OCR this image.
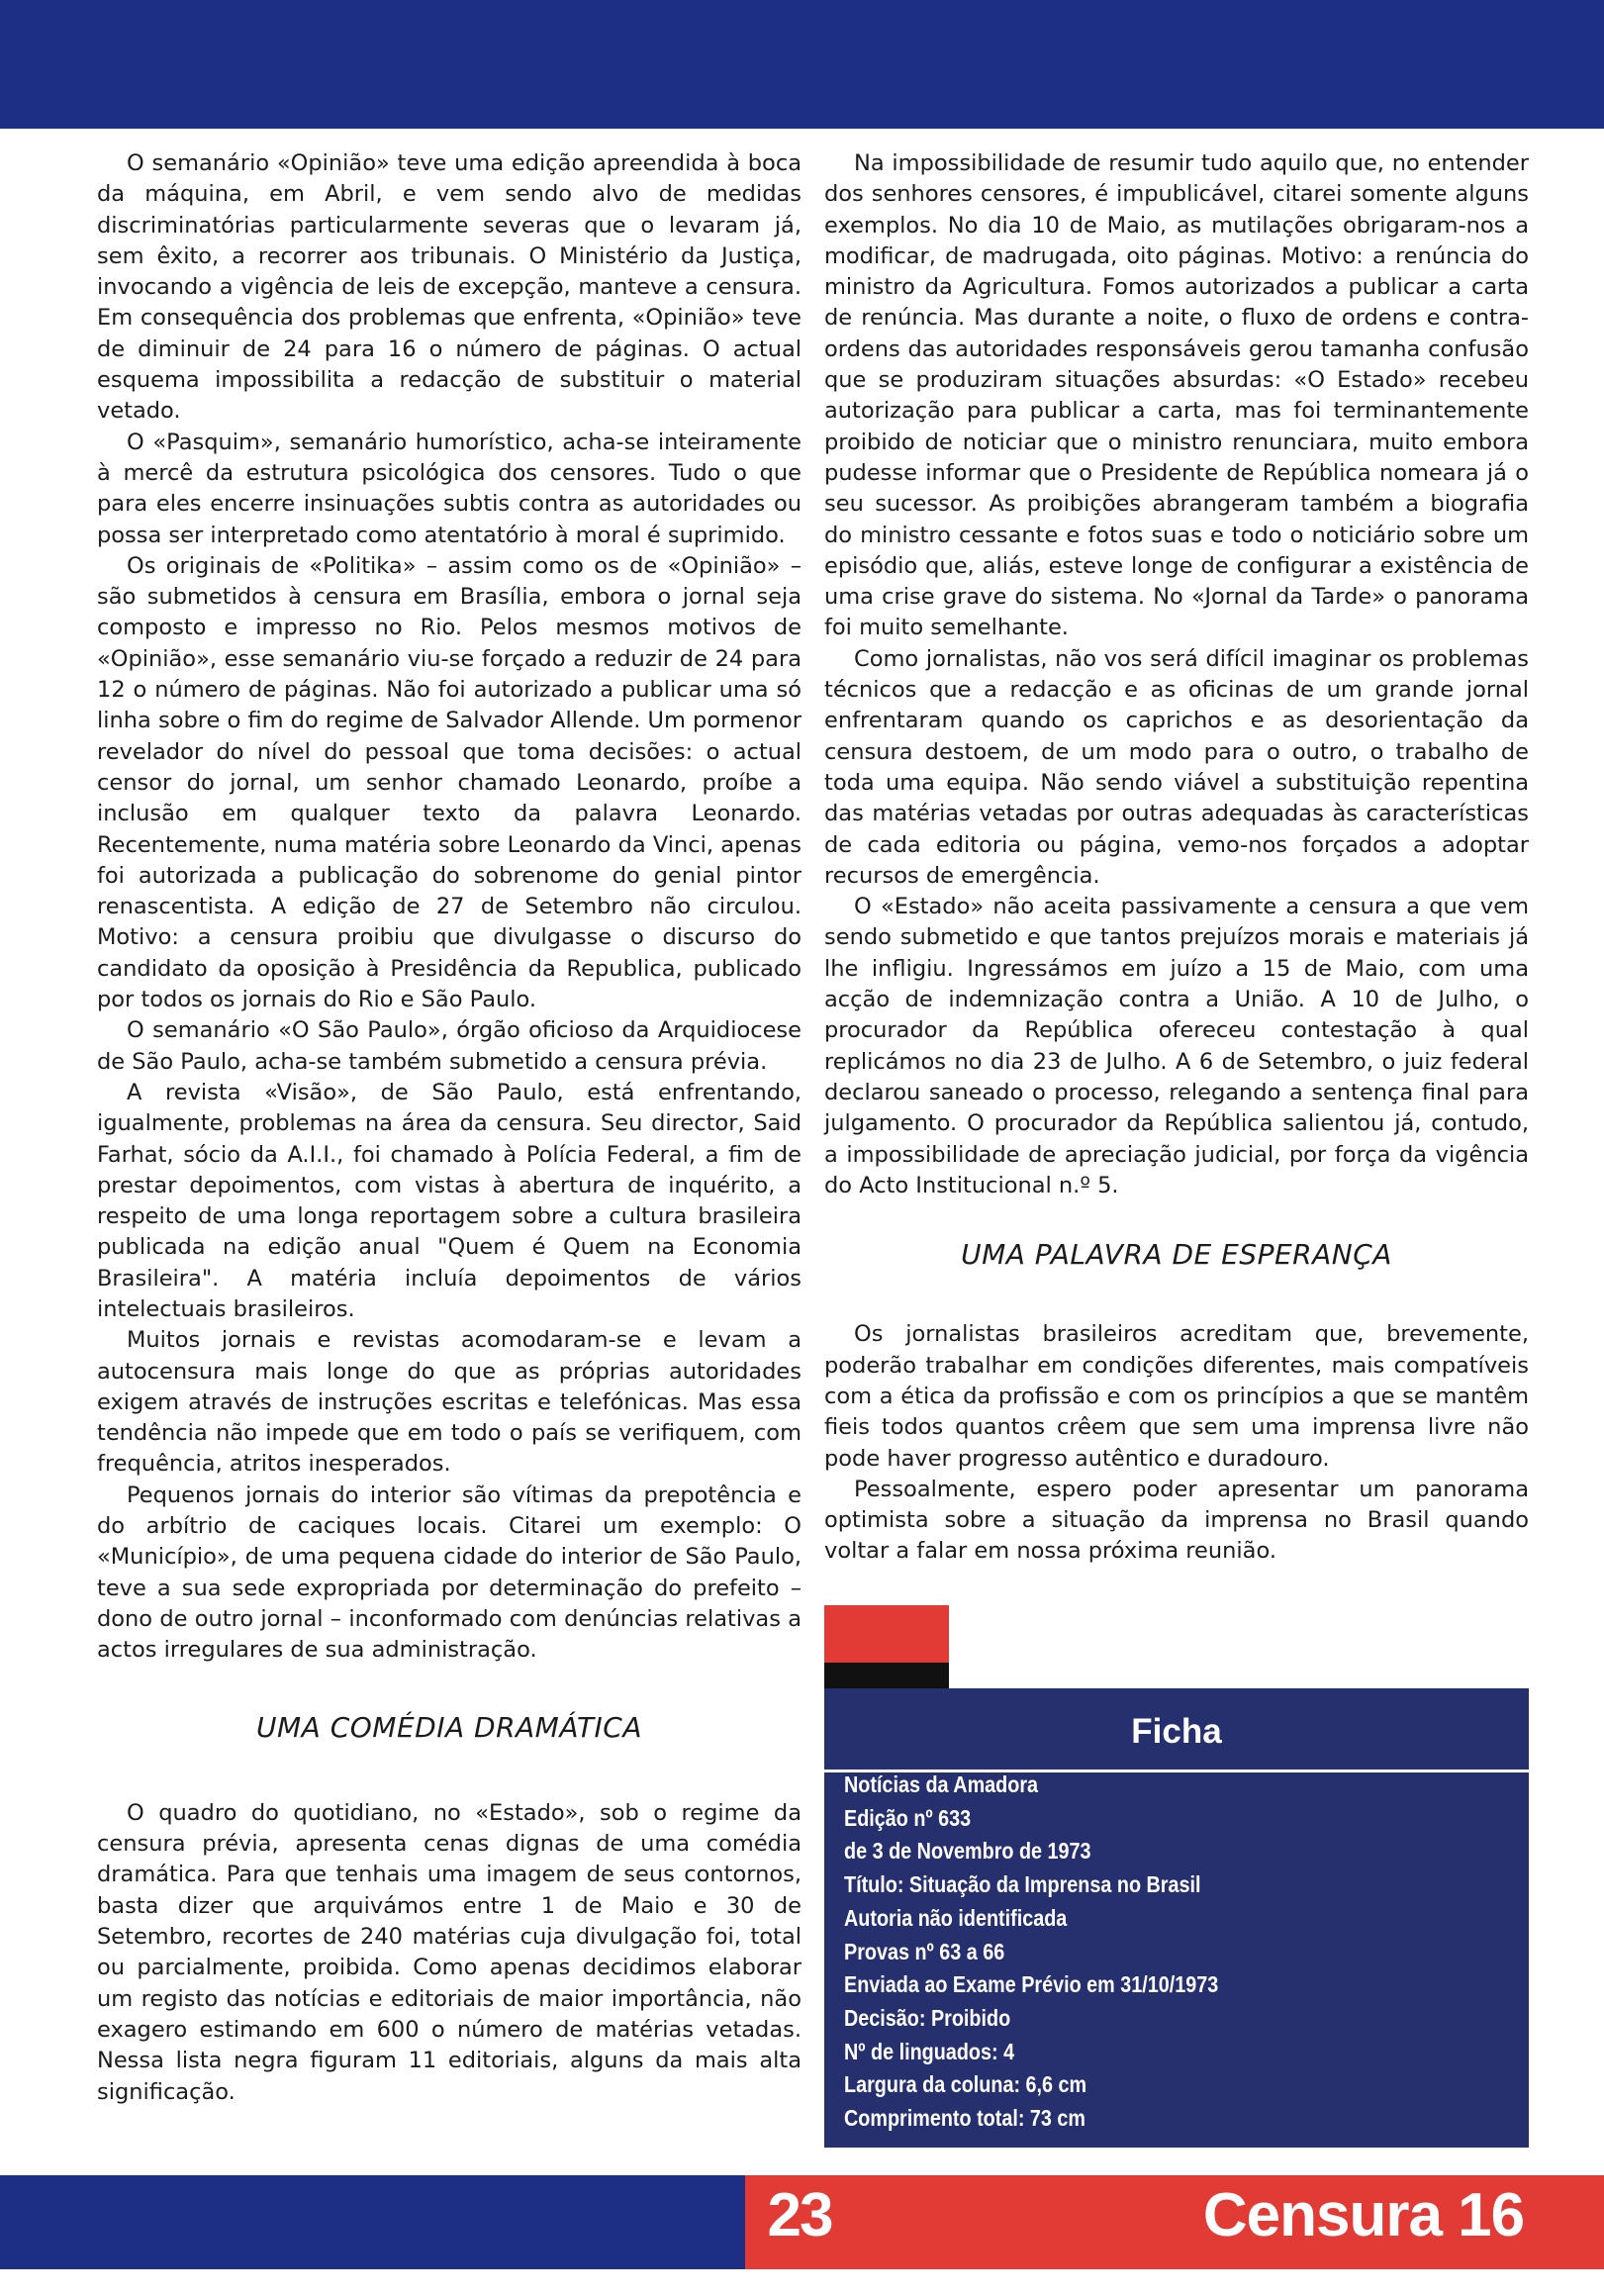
O semanário «Opinião» teve uma edição apreendida à boca da máquina, em Abril, e vem sendo alvo de medidas discriminatórias particularmente severas que o levaram já, sem êxito, a recorrer aos tribunais. O Ministério da Justiça, invocando a vigência de leis de excepção, manteve a censura. Em consequência dos problemas que enfrenta, «Opinião» teve de diminuir de 24 para 16 o número de páginas. O actual esquema impossibilita a redacção de substituir o material vetado.

O «Pasquim», semanário humorístico, acha-se inteiramente à mercê da estrutura psicológica dos censores. Tudo o que para eles encerre insinuações subtis contra as autoridades ou possa ser interpretado como atentatório à moral é suprimido.

Os originais de «Politika» – assim como os de «Opinião» – são submetidos à censura em Brasília, embora o jornal seja composto e impresso no Rio. Pelos mesmos motivos de «Opinião», esse semanário viu-se forçado a reduzir de 24 para 12 o número de páginas. Não foi autorizado a publicar uma só linha sobre o fim do regime de Salvador Allende. Um pormenor revelador do nível do pessoal que toma decisões: o actual censor do jornal, um senhor chamado Leonardo, proíbe a inclusão em qualquer texto da palavra Leonardo. Recentemente, numa matéria sobre Leonardo da Vinci, apenas foi autorizada a publicação do sobrenome do genial pintor renascentista. A edição de 27 de Setembro não circulou. Motivo: a censura proibiu que divulgasse o discurso do candidato da oposição à Presidência da Republica, publicado por todos os jornais do Rio e São Paulo.

O semanário «O São Paulo», órgão oficioso da Arquidiocese de São Paulo, acha-se também submetido a censura prévia.

A revista «Visão», de São Paulo, está enfrentando, igualmente, problemas na área da censura. Seu director, Said Farhat, sócio da A.I.I., foi chamado à Polícia Federal, a fim de prestar depoimentos, com vistas à abertura de inquérito, a respeito de uma longa reportagem sobre a cultura brasileira publicada na edição anual "Quem é Quem na Economia Brasileira". A matéria incluía depoimentos de vários intelectuais brasileiros.

Muitos jornais e revistas acomodaram-se e levam a autocensura mais longe do que as próprias autoridades exigem através de instruções escritas e telefónicas. Mas essa tendência não impede que em todo o país se verifiquem, com frequência, atritos inesperados.

Pequenos jornais do interior são vítimas da prepotência e do arbítrio de caciques locais. Citarei um exemplo: O «Município», de uma pequena cidade do interior de São Paulo, teve a sua sede expropriada por determinação do prefeito – dono de outro jornal – inconformado com denúncias relativas a actos irregulares de sua administração.

UMA COMÉDIA DRAMÁTICA

O quadro do quotidiano, no «Estado», sob o regime da censura prévia, apresenta cenas dignas de uma comédia dramática. Para que tenhais uma imagem de seus contornos, basta dizer que arquivámos entre 1 de Maio e 30 de Setembro, recortes de 240 matérias cuja divulgação foi, total ou parcialmente, proibida. Como apenas decidimos elaborar um registo das notícias e editoriais de maior importância, não exagero estimando em 600 o número de matérias vetadas. Nessa lista negra figuram 11 editoriais, alguns da mais alta significação.

Na impossibilidade de resumir tudo aquilo que, no entender dos senhores censores, é impublicável, citarei somente alguns exemplos. No dia 10 de Maio, as mutilações obrigaram-nos a modificar, de madrugada, oito páginas. Motivo: a renúncia do ministro da Agricultura. Fomos autorizados a publicar a carta de renúncia. Mas durante a noite, o fluxo de ordens e contra-ordens das autoridades responsáveis gerou tamanha confusão que se produziram situações absurdas: «O Estado» recebeu autorização para publicar a carta, mas foi terminantemente proibido de noticiar que o ministro renunciara, muito embora pudesse informar que o Presidente de República nomeara já o seu sucessor. As proibições abrangeram também a biografia do ministro cessante e fotos suas e todo o noticiário sobre um episódio que, aliás, esteve longe de configurar a existência de uma crise grave do sistema. No «Jornal da Tarde» o panorama foi muito semelhante.

Como jornalistas, não vos será difícil imaginar os problemas técnicos que a redacção e as oficinas de um grande jornal enfrentaram quando os caprichos e as desorientação da censura destoem, de um modo para o outro, o trabalho de toda uma equipa. Não sendo viável a substituição repentina das matérias vetadas por outras adequadas às características de cada editoria ou página, vemo-nos forçados a adoptar recursos de emergência.

O «Estado» não aceita passivamente a censura a que vem sendo submetido e que tantos prejuízos morais e materiais já lhe infligiu. Ingressámos em juízo a 15 de Maio, com uma acção de indemnização contra a União. A 10 de Julho, o procurador da República ofereceu contestação à qual replicámos no dia 23 de Julho. A 6 de Setembro, o juiz federal declarou saneado o processo, relegando a sentença final para julgamento. O procurador da República salientou já, contudo, a impossibilidade de apreciação judicial, por força da vigência do Acto Institucional n.º 5.

UMA PALAVRA DE ESPERANÇA

Os jornalistas brasileiros acreditam que, brevemente, poderão trabalhar em condições diferentes, mais compatíveis com a ética da profissão e com os princípios a que se mantêm fieis todos quantos crêem que sem uma imprensa livre não pode haver progresso autêntico e duradouro.

Pessoalmente, espero poder apresentar um panorama optimista sobre a situação da imprensa no Brasil quando voltar a falar em nossa próxima reunião.

Ficha
Notícias da Amadora
Edição nº 633
de 3 de Novembro de 1973
Título: Situação da Imprensa no Brasil
Autoria não identificada
Provas nº 63 a 66
Enviada ao Exame Prévio em 31/10/1973
Decisão: Proibido
Nº de linguados: 4
Largura da coluna: 6,6 cm
Comprimento total: 73 cm
23	Censura 16
